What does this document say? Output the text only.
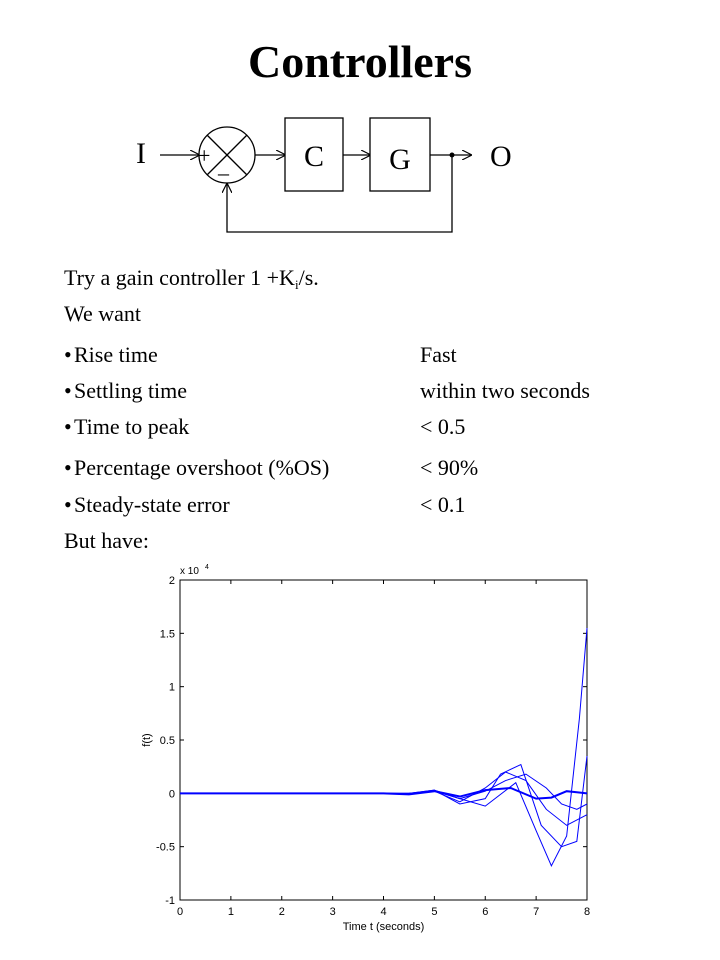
Controllers
I +
– C G	O
Try a gain controller $1 +K_i/s$.
We want
• Rise time	Fast
• Settling time	within two seconds
• Time to peak	< 0.5
• Percentage overshoot (%OS)	< 90%
• Steady-state error	< 0.1
But have:
0	1	2	3	4	5	6	7	8
-1
-0.5
0
0.5
1
1.5
2
Time t (seconds)
f(t)
x 10 4
